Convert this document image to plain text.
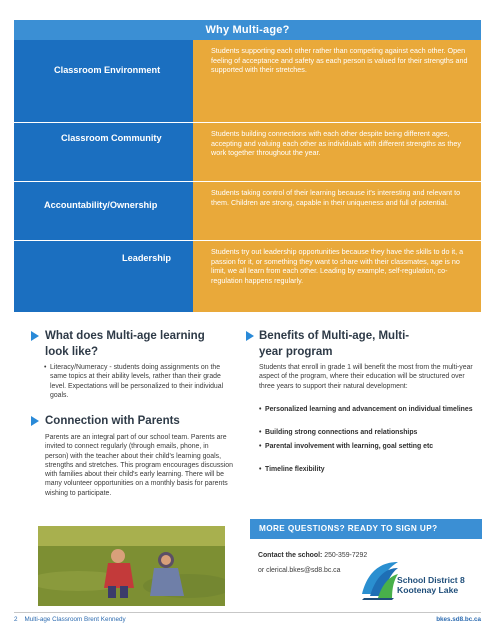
Why Multi-age?
Classroom Environment
Students supporting each other rather than competing against each other. Open feeling of acceptance and safety as each person is valued for their strengths and supported with their stretches.
Classroom Community	Students building connections with each other despite being different ages, accepting and valuing each other as individuals with different strengths as they work together throughout the year.
Accountability/Ownership
Students taking control of their learning because it's interesting and relevant to them. Children are strong, capable in their uniqueness and full of potential.
Leadership
Students try out leadership opportunities because they have the skills to do it, a passion for it, or something they want to share with their classmates, age is no limit, we all learn from each other. Leading by example, self-regulation, co-regulation happens regularly.
What does Multi-age learning
look like?
• Literacy/Numeracy - students doing assignments on the same topics at their ability levels, rather than their grade level. Expectations will be personalized to their individual goals.
Connection with Parents
Parents are an integral part of our school team. Parents are invited to connect regularly (through emails, phone, in person) with the teacher about their child's learning goals, strengths and stretches. This program encourages discussion with families about their child's early learning. There will be many volunteer opportunities on a monthly basis for parents wishing to participate.
Benefits of Multi-age, Multi-
year program
Students that enroll in grade 1 will benefit the most from the multi-year aspect of the program, where their education will be structured over three years to support their natural development:
• Personalized learning and advancement on individual timelines
• Building strong connections and relationships
• Parental involvement with learning, goal setting etc
• Timeline flexibility
MORE QUESTIONS? READY TO SIGN UP?
Contact the school: 250-359-7292
or clerical.bkes@sd8.bc.ca
School District 8
Kootenay Lake
2 Multi-age Classroom Brent Kennedy	bkes.sd8.bc.ca
